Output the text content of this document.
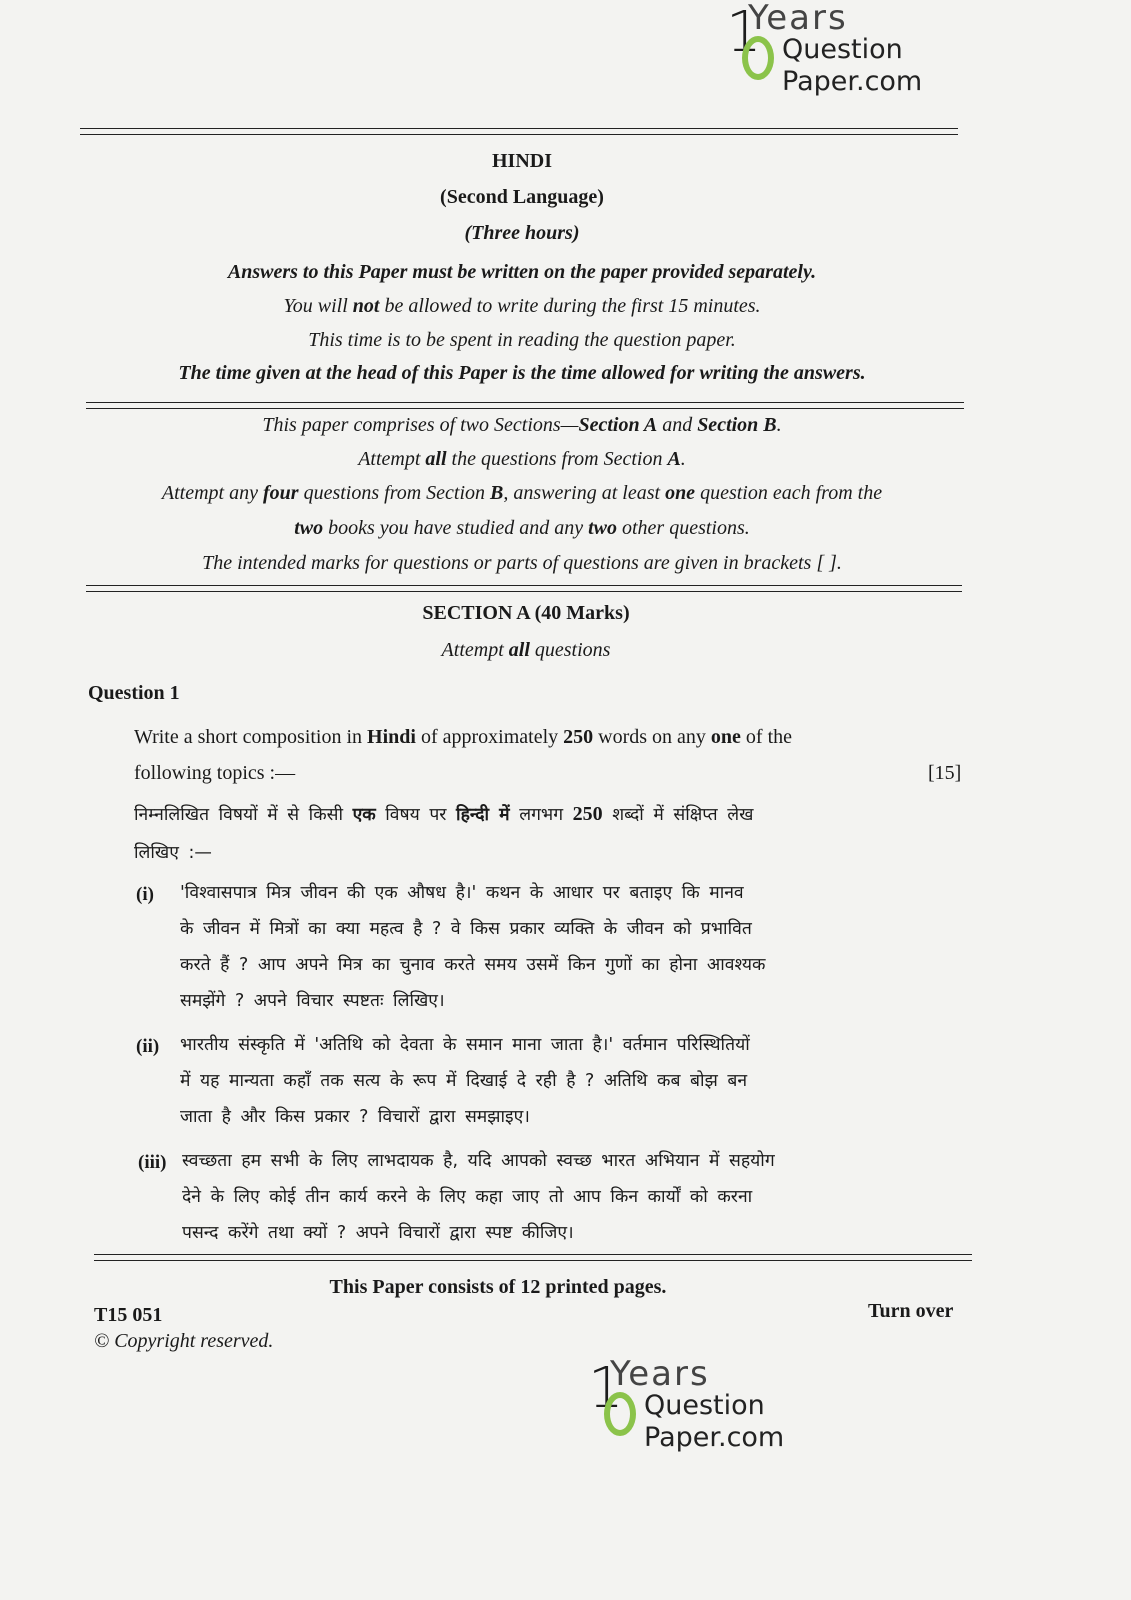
1
Years
Question
Paper.com
HINDI
(Second Language)
(Three hours)
Answers to this Paper must be written on the paper provided separately.
You will not be allowed to write during the first 15 minutes.
This time is to be spent in reading the question paper.
The time given at the head of this Paper is the time allowed for writing the answers.
This paper comprises of two Sections—Section A and Section B.
Attempt all the questions from Section A.
Attempt any four questions from Section B, answering at least one question each from the
two books you have studied and any two other questions.
The intended marks for questions or parts of questions are given in brackets [ ].
SECTION A (40 Marks)
Attempt all questions
Question 1
Write a short composition in Hindi of approximately 250 words on any one of the
following topics :—	[15]
निम्नलिखित विषयों में से किसी एक विषय पर हिन्दी में लगभग 250 शब्दों में संक्षिप्त लेख
लिखिए :—
(i) 'विश्वासपात्र मित्र जीवन की एक औषध है।' कथन के आधार पर बताइए कि मानव
के जीवन में मित्रों का क्या महत्व है ? वे किस प्रकार व्यक्ति के जीवन को प्रभावित
करते हैं ? आप अपने मित्र का चुनाव करते समय उसमें किन गुणों का होना आवश्यक
समझेंगे ? अपने विचार स्पष्टतः लिखिए।
(ii) भारतीय संस्कृति में 'अतिथि को देवता के समान माना जाता है।' वर्तमान परिस्थितियों
में यह मान्यता कहाँ तक सत्य के रूप में दिखाई दे रही है ? अतिथि कब बोझ बन
जाता है और किस प्रकार ? विचारों द्वारा समझाइए।
(iii) स्वच्छता हम सभी के लिए लाभदायक है, यदि आपको स्वच्छ भारत अभियान में सहयोग
देने के लिए कोई तीन कार्य करने के लिए कहा जाए तो आप किन कार्यों को करना
पसन्द करेंगे तथा क्यों ? अपने विचारों द्वारा स्पष्ट कीजिए।
This Paper consists of 12 printed pages.
T15 051	Turn over
© Copyright reserved.
1
Years
Question
Paper.com
